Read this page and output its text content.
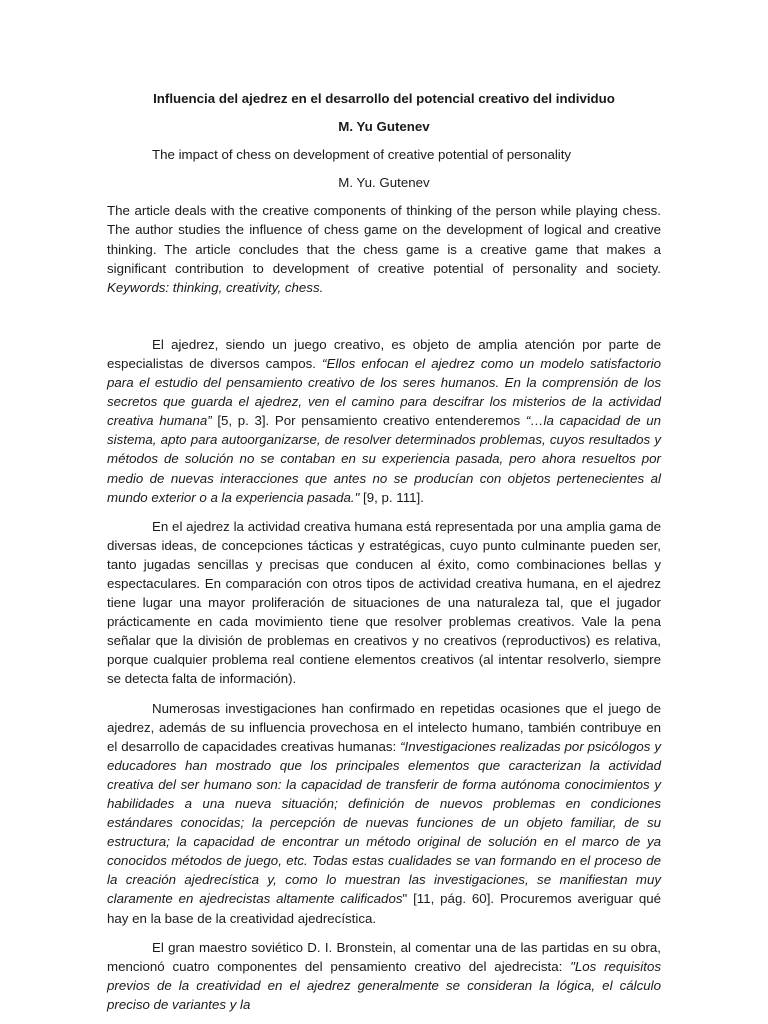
Influencia del ajedrez en el desarrollo del potencial creativo del individuo
M. Yu Gutenev
The impact of chess on development of creative potential of personality
M. Yu. Gutenev

The article deals with the creative components of thinking of the person while playing chess. The author studies the influence of chess game on the development of logical and creative thinking. The article concludes that the chess game is a creative game that makes a significant contribution to development of creative potential of personality and society. Keywords: thinking, creativity, chess.

El ajedrez, siendo un juego creativo, es objeto de amplia atención por parte de especialistas de diversos campos. “Ellos enfocan el ajedrez como un modelo satisfactorio para el estudio del pensamiento creativo de los seres humanos. En la comprensión de los secretos que guarda el ajedrez, ven el camino para descifrar los misterios de la actividad creativa humana” [5, p. 3]. Por pensamiento creativo entenderemos “…la capacidad de un sistema, apto para autoorganizarse, de resolver determinados problemas, cuyos resultados y métodos de solución no se contaban en su experiencia pasada, pero ahora resueltos por medio de nuevas interacciones que antes no se producían con objetos pertenecientes al mundo exterior o a la experiencia pasada." [9, p. 111].

En el ajedrez la actividad creativa humana está representada por una amplia gama de diversas ideas, de concepciones tácticas y estratégicas, cuyo punto culminante pueden ser, tanto jugadas sencillas y precisas que conducen al éxito, como combinaciones bellas y espectaculares. En comparación con otros tipos de actividad creativa humana, en el ajedrez tiene lugar una mayor proliferación de situaciones de una naturaleza tal, que el jugador prácticamente en cada movimiento tiene que resolver problemas creativos. Vale la pena señalar que la división de problemas en creativos y no creativos (reproductivos) es relativa, porque cualquier problema real contiene elementos creativos (al intentar resolverlo, siempre se detecta falta de información).

Numerosas investigaciones han confirmado en repetidas ocasiones que el juego de ajedrez, además de su influencia provechosa en el intelecto humano, también contribuye en el desarrollo de capacidades creativas humanas: “Investigaciones realizadas por psicólogos y educadores han mostrado que los principales elementos que caracterizan la actividad creativa del ser humano son: la capacidad de transferir de forma autónoma conocimientos y habilidades a una nueva situación; definición de nuevos problemas en condiciones estándares conocidas; la percepción de nuevas funciones de un objeto familiar, de su estructura; la capacidad de encontrar un método original de solución en el marco de ya conocidos métodos de juego, etc. Todas estas cualidades se van formando en el proceso de la creación ajedrecística y, como lo muestran las investigaciones, se manifiestan muy claramente en ajedrecistas altamente calificados" [11, pág. 60]. Procuremos averiguar qué hay en la base de la creatividad ajedrecística.

El gran maestro soviético D. I. Bronstein, al comentar una de las partidas en su obra, mencionó cuatro componentes del pensamiento creativo del ajedrecista: "Los requisitos previos de la creatividad en el ajedrez generalmente se consideran la lógica, el cálculo preciso de variantes y la
